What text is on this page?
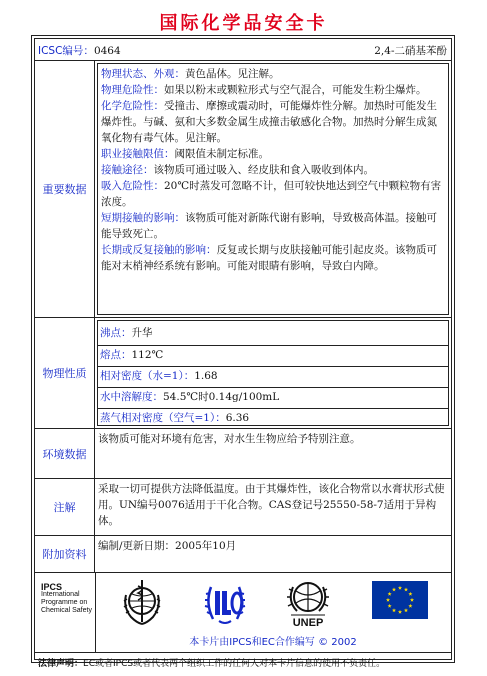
国际化学品安全卡
ICSC编号：0464	2,4-二硝基苯酚
重要数据

物理状态、外观：黄色晶体。见注解。

物理危险性：如果以粉末或颗粒形式与空气混合，可能发生粉尘爆炸。

化学危险性：受撞击、摩擦或震动时，可能爆炸性分解。加热时可能发生爆炸性。与碱、氨和大多数金属生成撞击敏感化合物。加热时分解生成氮氧化物有毒气体。见注解。

职业接触限值：阈限值未制定标准。

接触途径：该物质可通过吸入、经皮肤和食入吸收到体内。

吸入危险性：20℃时蒸发可忽略不计，但可较快地达到空气中颗粒物有害浓度。

短期接触的影响：该物质可能对新陈代谢有影响，导致极高体温。接触可能导致死亡。

长期或反复接触的影响：反复或长期与皮肤接触可能引起皮炎。该物质可能对末梢神经系统有影响。可能对眼睛有影响，导致白内障。

物理性质
沸点：升华
熔点：112℃
相对密度（水=1）：1.68
水中溶解度：54.5℃时0.14g/100mL
蒸气相对密度（空气=1）：6.36
环境数据
该物质可能对环境有危害，对水生生物应给予特别注意。
注解
采取一切可提供方法降低温度。由于其爆炸性，该化合物常以水膏状形式使用。UN编号0076适用于干化合物。CAS登记号25550-58-7适用于异构体。
附加资料
编制/更新日期：2005年10月
IPCS
International
Programme on
Chemical Safety
UNEP
本卡片由IPCS和EC合作编写 © 2002
法律声明：EC或者IPCS或者代表两个组织工作的任何人对本卡片信息的使用不负责任。
